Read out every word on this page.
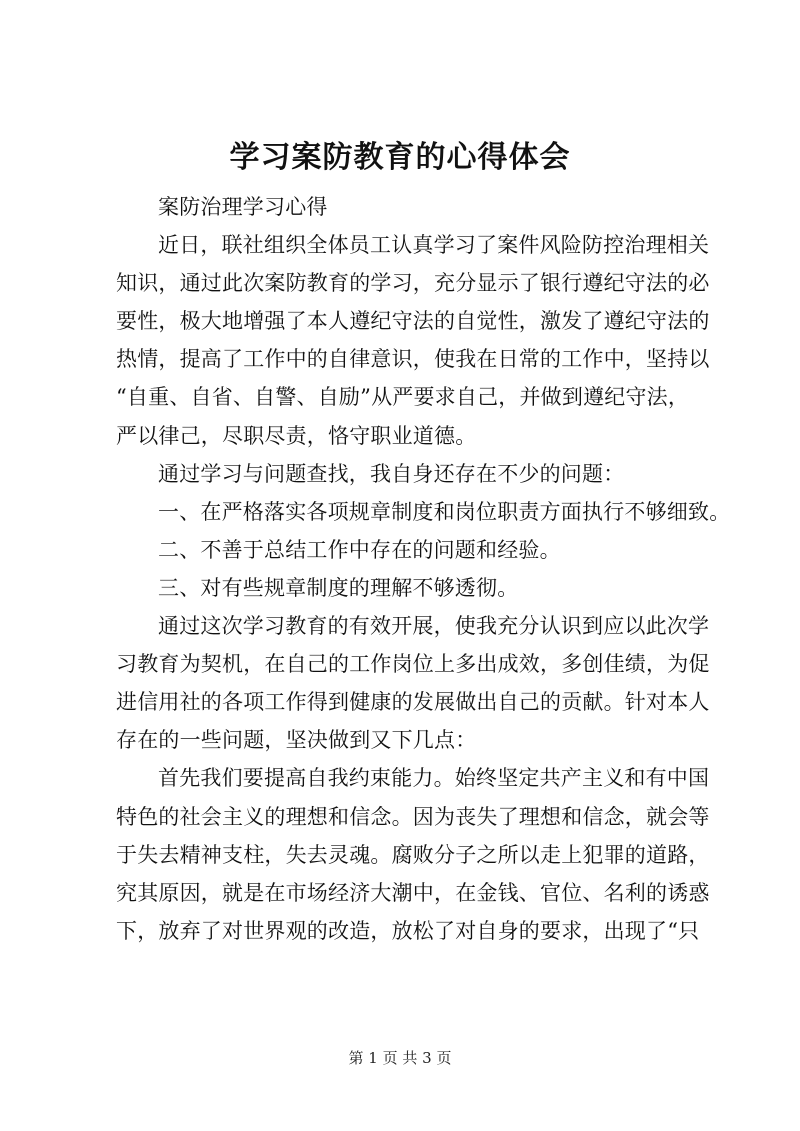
学习案防教育的心得体会

案防治理学习心得

近日，联社组织全体员工认真学习了案件风险防控治理相关

知识，通过此次案防教育的学习，充分显示了银行遵纪守法的必

要性，极大地增强了本人遵纪守法的自觉性，激发了遵纪守法的

热情，提高了工作中的自律意识，使我在日常的工作中，坚持以

“自重、自省、自警、自励”从严要求自己，并做到遵纪守法，

严以律己，尽职尽责，恪守职业道德。

通过学习与问题查找，我自身还存在不少的问题：

一、在严格落实各项规章制度和岗位职责方面执行不够细致。

二、不善于总结工作中存在的问题和经验。

三、对有些规章制度的理解不够透彻。

通过这次学习教育的有效开展，使我充分认识到应以此次学

习教育为契机，在自己的工作岗位上多出成效，多创佳绩，为促

进信用社的各项工作得到健康的发展做出自己的贡献。针对本人

存在的一些问题，坚决做到又下几点：

首先我们要提高自我约束能力。始终坚定共产主义和有中国

特色的社会主义的理想和信念。因为丧失了理想和信念，就会等

于失去精神支柱，失去灵魂。腐败分子之所以走上犯罪的道路，

究其原因，就是在市场经济大潮中，在金钱、官位、名利的诱惑

下，放弃了对世界观的改造，放松了对自身的要求，出现了“只

第 1 页 共 3 页
